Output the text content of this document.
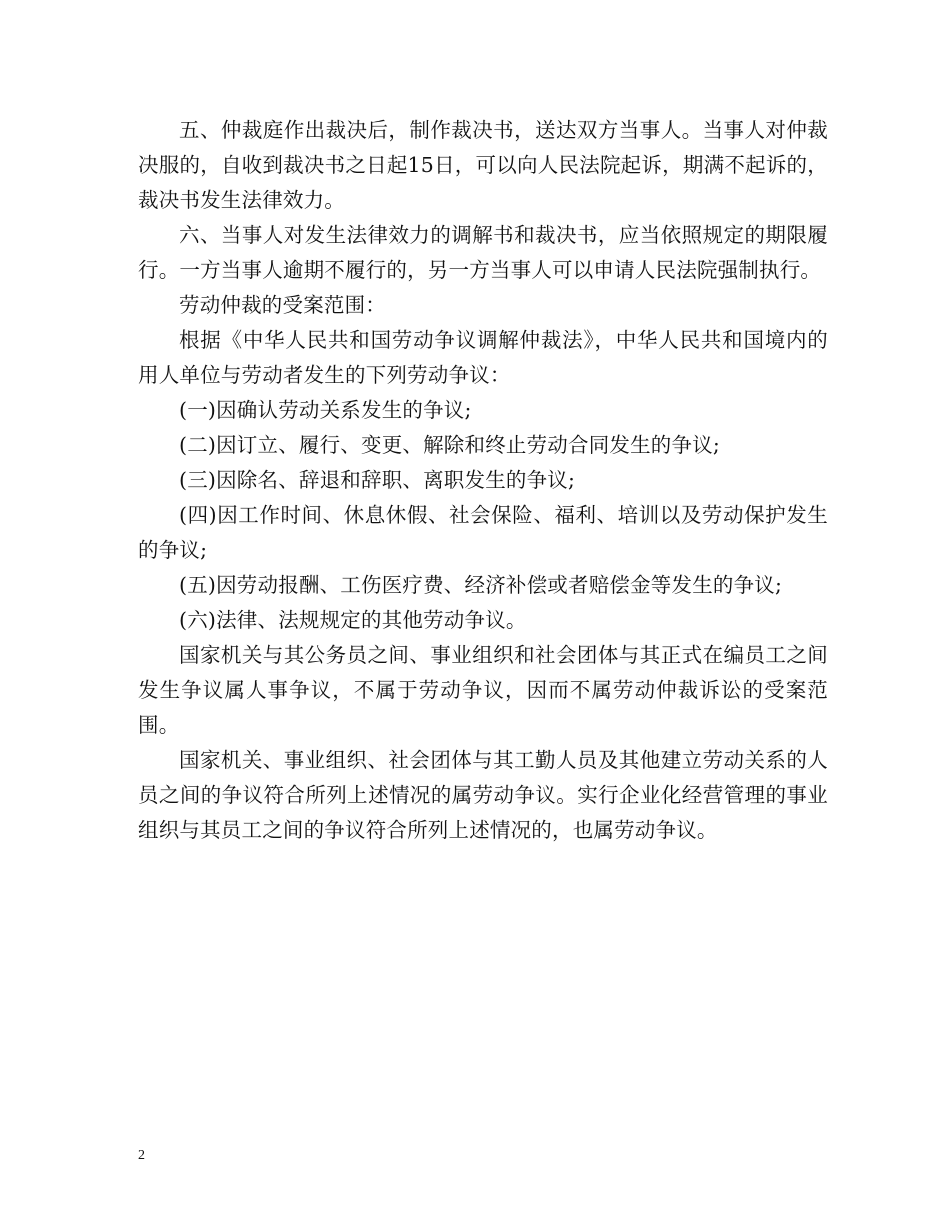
五、仲裁庭作出裁决后，制作裁决书，送达双方当事人。当事人对仲裁决服的，自收到裁决书之日起15日，可以向人民法院起诉，期满不起诉的，裁决书发生法律效力。

六、当事人对发生法律效力的调解书和裁决书，应当依照规定的期限履行。一方当事人逾期不履行的，另一方当事人可以申请人民法院强制执行。

劳动仲裁的受案范围：

根据《中华人民共和国劳动争议调解仲裁法》，中华人民共和国境内的用人单位与劳动者发生的下列劳动争议：

(一)因确认劳动关系发生的争议;

(二)因订立、履行、变更、解除和终止劳动合同发生的争议;

(三)因除名、辞退和辞职、离职发生的争议;

(四)因工作时间、休息休假、社会保险、福利、培训以及劳动保护发生的争议;

(五)因劳动报酬、工伤医疗费、经济补偿或者赔偿金等发生的争议;

(六)法律、法规规定的其他劳动争议。

国家机关与其公务员之间、事业组织和社会团体与其正式在编员工之间发生争议属人事争议，不属于劳动争议，因而不属劳动仲裁诉讼的受案范围。

国家机关、事业组织、社会团体与其工勤人员及其他建立劳动关系的人员之间的争议符合所列上述情况的属劳动争议。实行企业化经营管理的事业组织与其员工之间的争议符合所列上述情况的，也属劳动争议。

2
